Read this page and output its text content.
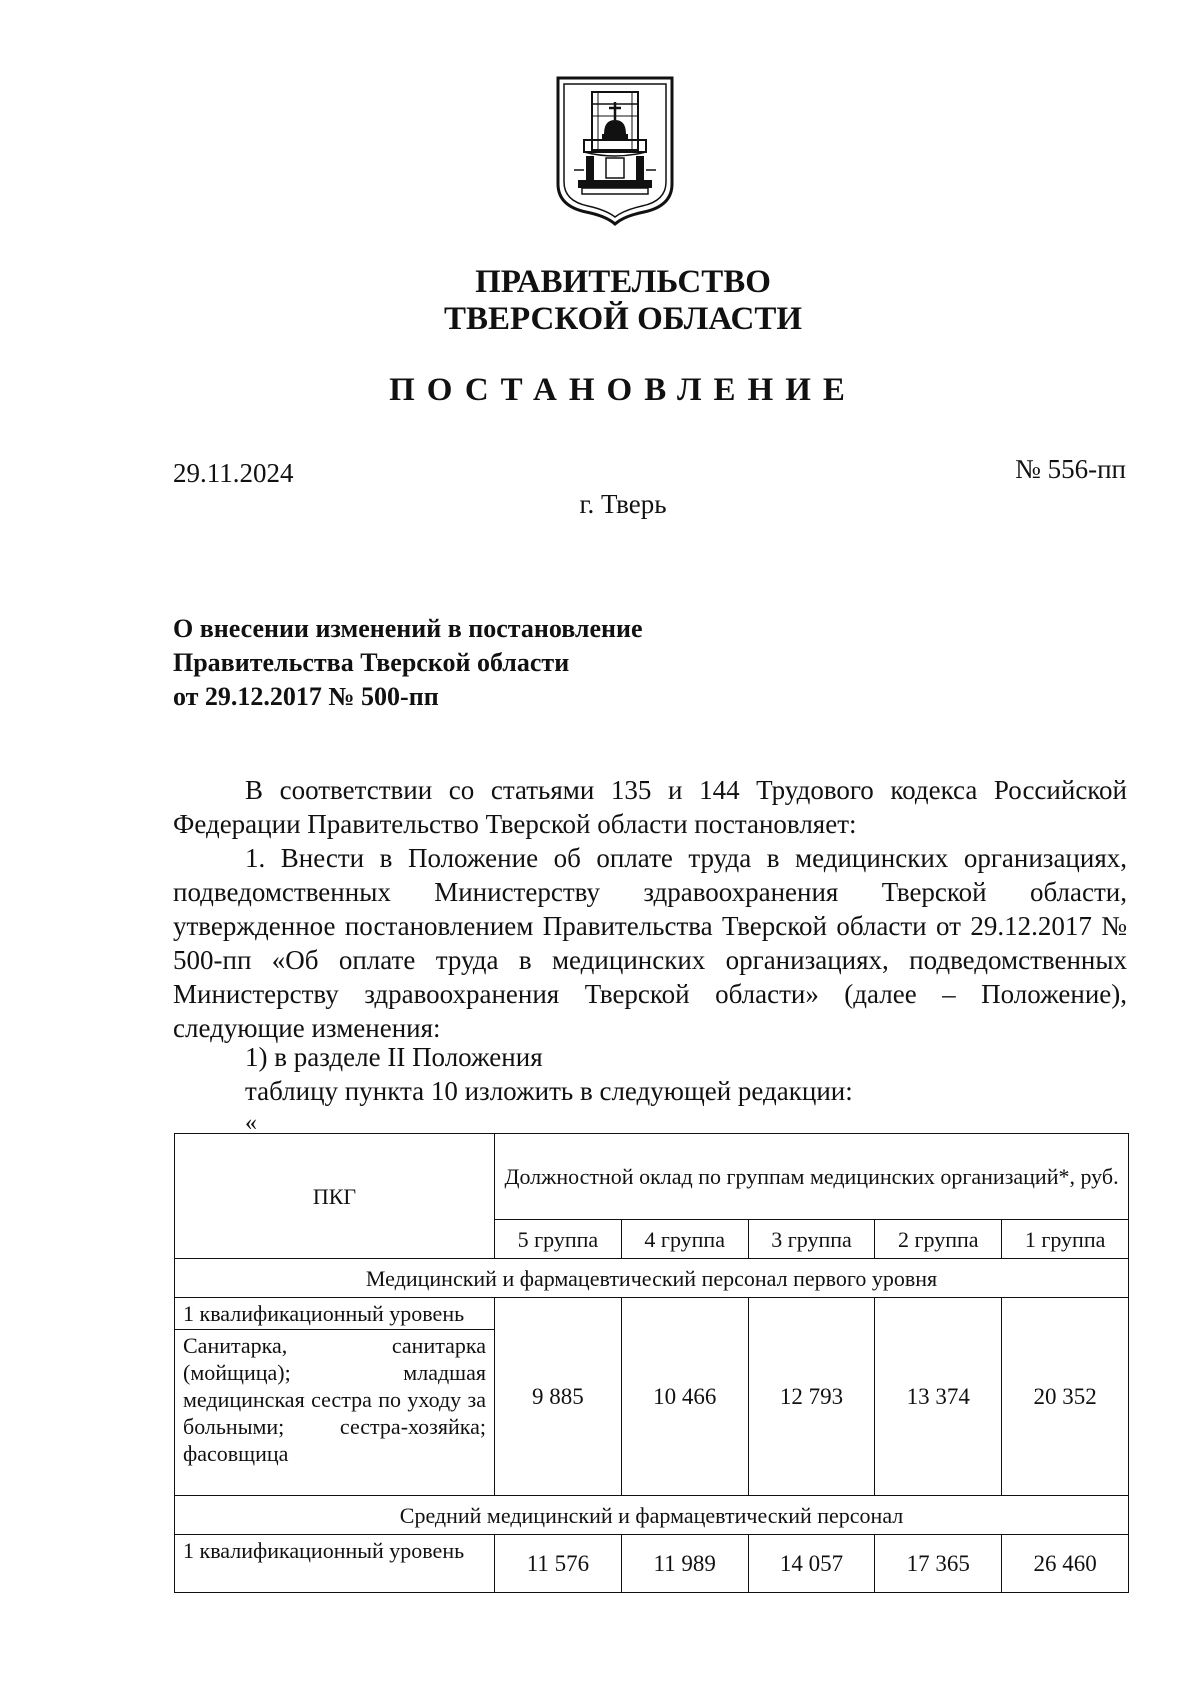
ПРАВИТЕЛЬСТВО
ТВЕРСКОЙ ОБЛАСТИ
ПОСТАНОВЛЕНИЕ
29.11.2024	№ 556-пп
г. Тверь
О внесении изменений в постановление
Правительства Тверской области
от 29.12.2017 № 500-пп

В соответствии со статьями 135 и 144 Трудового кодекса Российской Федерации Правительство Тверской области постановляет:

1. Внести в Положение об оплате труда в медицинских организациях, подведомственных Министерству здравоохранения Тверской области, утвержденное постановлением Правительства Тверской области от 29.12.2017 № 500-пп «Об оплате труда в медицинских организациях, подведомственных Министерству здравоохранения Тверской области» (далее – Положение), следующие изменения:

1) в разделе II Положения

таблицу пункта 10 изложить в следующей редакции:

«
ПКГ	Должностной оклад по группам медицинских организаций*, руб.				
	5 группа	4 группа	3 группа	2 группа	1 группа
Медицинский и фармацевтический персонал первого уровня					

1 квалификационный уровень
Санитарка, санитарка (мойщица); младшая медицинская сестра по уходу за больными; сестра-хозяйка; фасовщица	9 885	10 466	12 793	13 374	20 352
Средний медицинский и фармацевтический персонал					

1 квалификационный уровень	11 576	11 989	14 057	17 365	26 460
